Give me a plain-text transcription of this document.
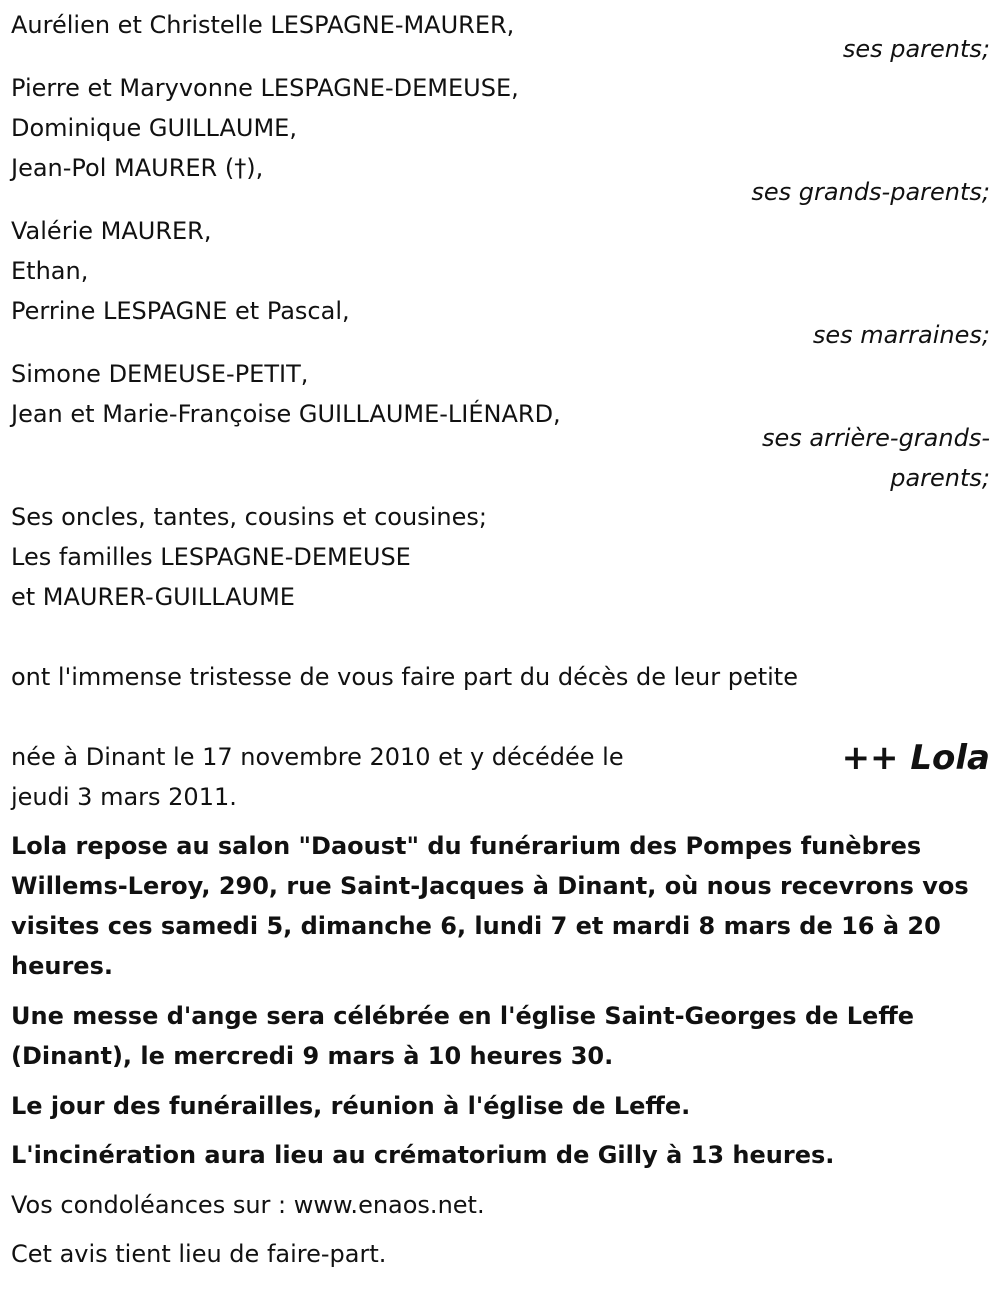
Aurélien et Christelle LESPAGNE-MAURER,
ses parents;
Pierre et Maryvonne LESPAGNE-DEMEUSE,
Dominique GUILLAUME,
Jean-Pol MAURER (†),
ses grands-parents;
Valérie MAURER,
Ethan,
Perrine LESPAGNE et Pascal,
ses marraines;
Simone DEMEUSE-PETIT,
Jean et Marie-Françoise GUILLAUME-LIÉNARD,
ses arrière-grands-
parents;
Ses oncles, tantes, cousins et cousines;
Les familles LESPAGNE-DEMEUSE
et MAURER-GUILLAUME
ont l'immense tristesse de vous faire part du décès de leur petite
++ Lola
née à Dinant le 17 novembre 2010 et y décédée le
jeudi 3 mars 2011.
Lola repose au salon "Daoust" du funérarium des Pompes funèbres
Willems-Leroy, 290, rue Saint-Jacques à Dinant, où nous recevrons vos
visites ces samedi 5, dimanche 6, lundi 7 et mardi 8 mars de 16 à 20
heures.
Une messe d'ange sera célébrée en l'église Saint-Georges de Leffe
(Dinant), le mercredi 9 mars à 10 heures 30.
Le jour des funérailles, réunion à l'église de Leffe.
L'incinération aura lieu au crématorium de Gilly à 13 heures.
Vos condoléances sur : www.enaos.net.
Cet avis tient lieu de faire-part.
